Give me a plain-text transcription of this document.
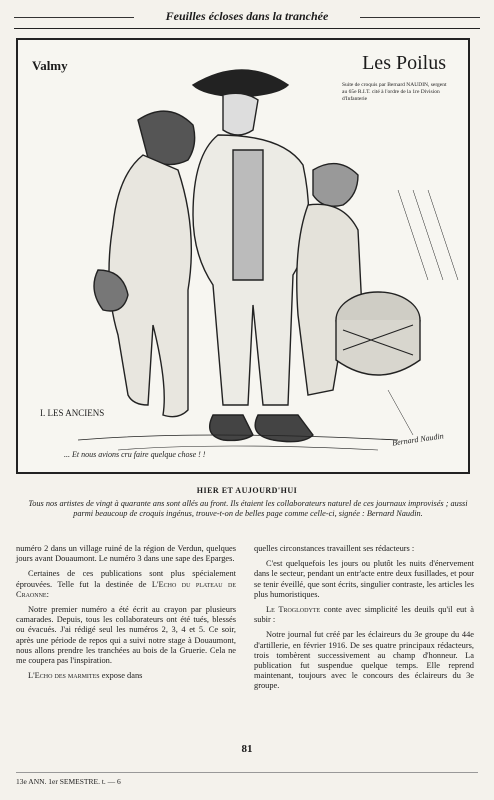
Feuilles écloses dans la tranchée
Valmy	Les Poilus
Suite de croquis par Bernard NAUDIN, sergent au 65e R.I.T. cité à l'ordre de la 1re Division d'Infanterie
I. LES ANCIENS
Bernard Naudin
... Et nous avions cru faire quelque chose ! !
HIER ET AUJOURD'HUI
Tous nos artistes de vingt à quarante ans sont allés au front. Ils étaient les collaborateurs naturel de ces journaux improvisés ; aussi parmi beaucoup de croquis ingénus, trouve-t-on de belles page comme celle-ci, signée : Bernard Naudin.

numéro 2 dans un village ruiné de la région de Verdun, quelques jours avant Douaumont. Le numéro 3 dans une sape des Eparges.

Certaines de ces publications sont plus spécialement éprouvées. Telle fut la destinée de L'Echo du plateau de Craonne:

Notre premier numéro a été écrit au crayon par plusieurs camarades. Depuis, tous les collaborateurs ont été tués, blessés ou évacués. J'ai rédigé seul les numéros 2, 3, 4 et 5. Ce soir, après une période de repos qui a suivi notre stage à Douaumont, nous allons prendre les tranchées au bois de la Gruerie. Cela ne me coupera pas l'inspiration.

L'Echo des marmites expose dans

quelles circonstances travaillent ses rédacteurs :

C'est quelquefois les jours ou plutôt les nuits d'énervement dans le secteur, pendant un entr'acte entre deux fusillades, et pour se tenir éveillé, que sont écrits, singulier contraste, les articles les plus humoristiques.

Le Troglodyte conte avec simplicité les deuils qu'il eut à subir :

Notre journal fut créé par les éclaireurs du 3e groupe du 44e d'artillerie, en février 1916. De ses quatre principaux rédacteurs, trois tombèrent successivement au champ d'honneur. La publication fut suspendue quelque temps. Elle reprend maintenant, toujours avec le concours des éclaireurs du 3e groupe.

81
13e ANN. 1er SEMESTRE. t. — 6
